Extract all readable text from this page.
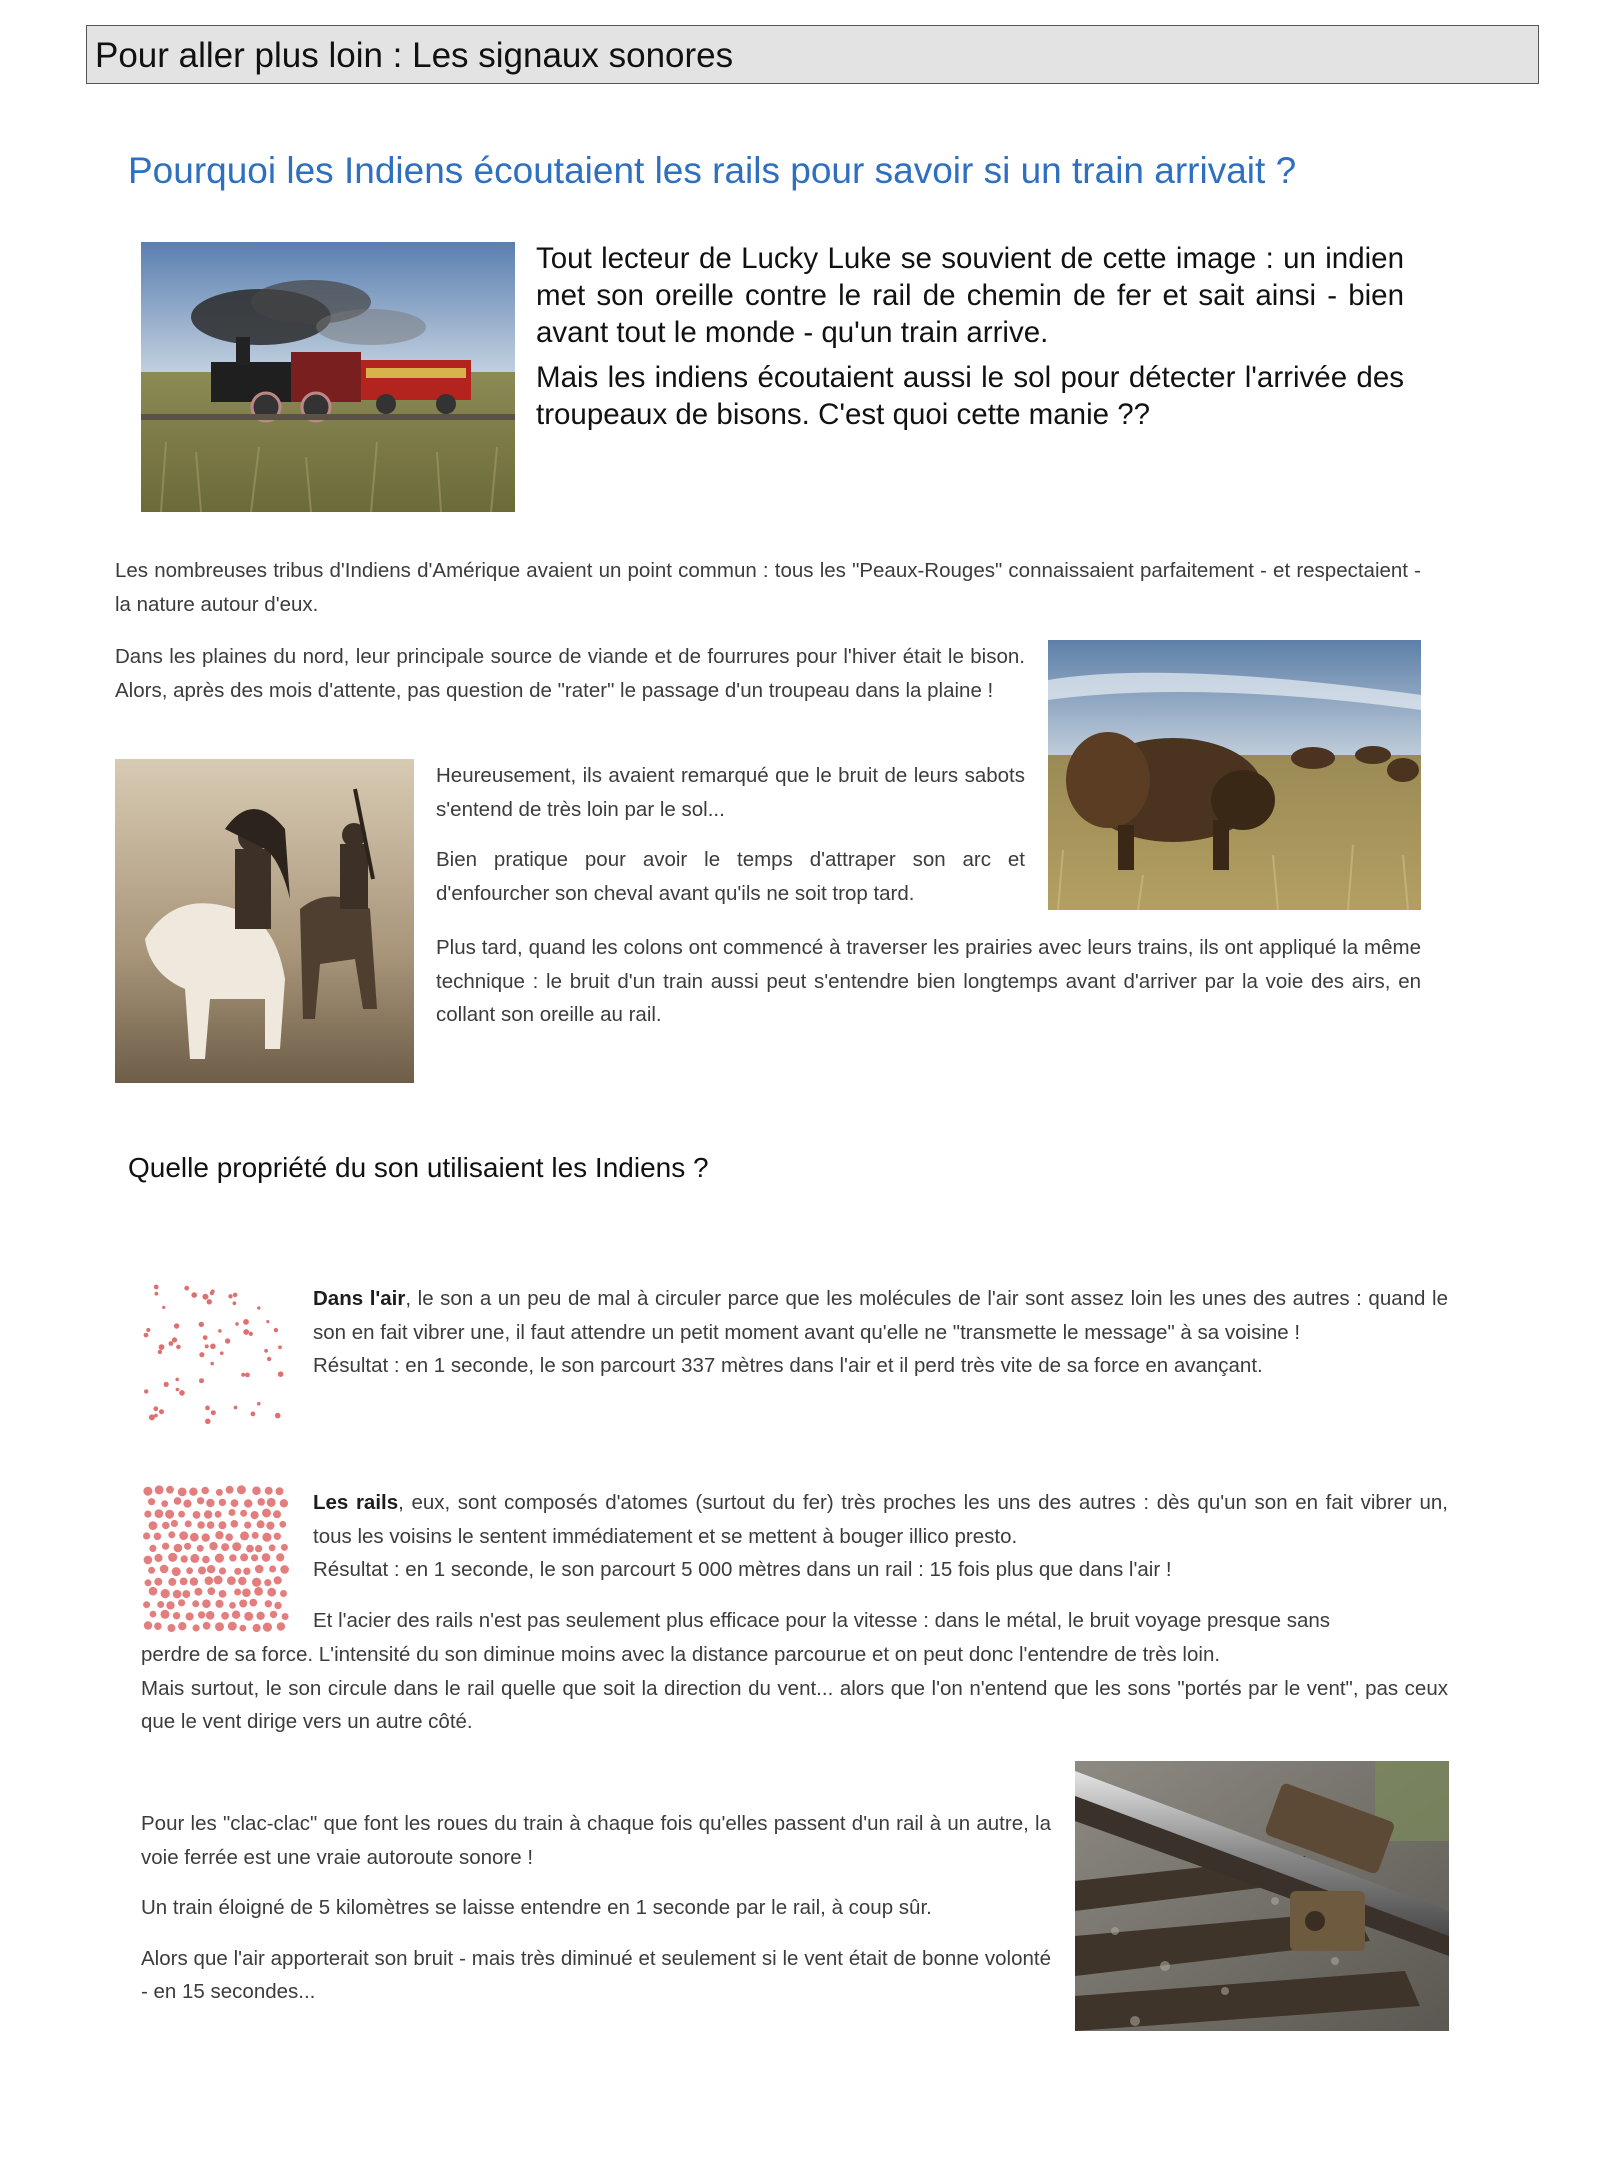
Pour aller plus loin : Les signaux sonores
Pourquoi les Indiens écoutaient les rails pour savoir si un train arrivait ?

Tout lecteur de Lucky Luke se souvient de cette image : un indien met son oreille contre le rail de chemin de fer et sait ainsi - bien avant tout le monde - qu'un train arrive.

Mais les indiens écoutaient aussi le sol pour détecter l'arrivée des troupeaux de bisons. C'est quoi cette manie ??

Les nombreuses tribus d'Indiens d'Amérique avaient un point commun : tous les "Peaux-Rouges" connaissaient parfaitement - et respectaient - la nature autour d'eux.

Dans les plaines du nord, leur principale source de viande et de fourrures pour l'hiver était le bison. Alors, après des mois d'attente, pas question de "rater" le passage d'un troupeau dans la plaine !

Heureusement, ils avaient remarqué que le bruit de leurs sabots s'entend de très loin par le sol...

Bien pratique pour avoir le temps d'attraper son arc et d'enfourcher son cheval avant qu'ils ne soit trop tard.

Plus tard, quand les colons ont commencé à traverser les prairies avec leurs trains, ils ont appliqué la même technique : le bruit d'un train aussi peut s'entendre bien longtemps avant d'arriver par la voie des airs, en collant son oreille au rail.

Quelle propriété du son utilisaient les Indiens ?
Dans l'air, le son a un peu de mal à circuler parce que les molécules de l'air sont assez loin les unes des autres : quand le son en fait vibrer une, il faut attendre un petit moment avant qu'elle ne "transmette le message" à sa voisine !
Résultat : en 1 seconde, le son parcourt 337 mètres dans l'air et il perd très vite de sa force en avançant.
Les rails, eux, sont composés d'atomes (surtout du fer) très proches les uns des autres : dès qu'un son en fait vibrer un, tous les voisins le sentent immédiatement et se mettent à bouger illico presto.
Résultat : en 1 seconde, le son parcourt 5 000 mètres dans un rail : 15 fois plus que dans l'air !
Et l'acier des rails n'est pas seulement plus efficace pour la vitesse : dans le métal, le bruit voyage presque sans
perdre de sa force. L'intensité du son diminue moins avec la distance parcourue et on peut donc l'entendre de très loin.
Mais surtout, le son circule dans le rail quelle que soit la direction du vent... alors que l'on n'entend que les sons "portés par le vent", pas ceux que le vent dirige vers un autre côté.

Pour les "clac-clac" que font les roues du train à chaque fois qu'elles passent d'un rail à un autre, la voie ferrée est une vraie autoroute sonore !

Un train éloigné de 5 kilomètres se laisse entendre en 1 seconde par le rail, à coup sûr.

Alors que l'air apporterait son bruit - mais très diminué et seulement si le vent était de bonne volonté - en 15 secondes...
